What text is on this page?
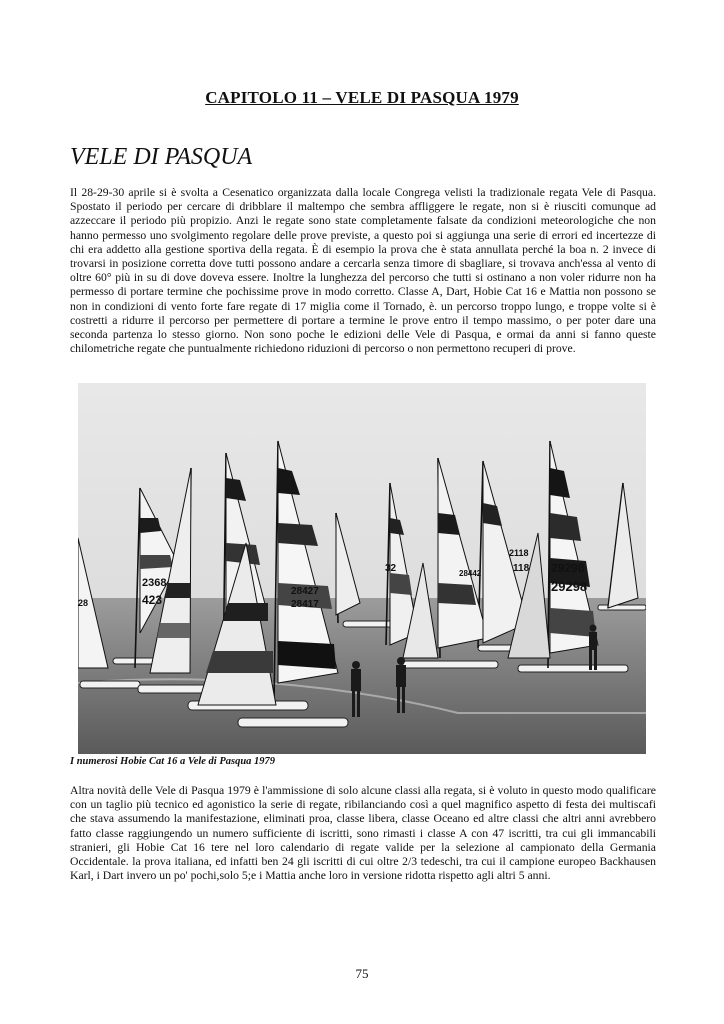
CAPITOLO 11 – VELE DI PASQUA 1979
VELE DI PASQUA

Il 28-29-30 aprile si è svolta a Cesenatico organizzata dalla locale Congrega velisti la tradizionale regata Vele di Pasqua. Spostato il periodo per cercare di dribblare il maltempo che sembra affliggere le regate, non si è riusciti comunque ad azzeccare il periodo più propizio. Anzi le regate sono state completamente falsate da condizioni meteorologiche che non hanno permesso uno svolgimento regolare delle prove previste, a questo poi si aggiunga una serie di errori ed incertezze di chi era addetto alla gestione sportiva della regata. È di esempio la prova che è stata annullata perché la boa n. 2 invece di trovarsi in posizione corretta dove tutti possono andare a cercarla senza timore di sbagliare, si trovava anch'essa al vento di oltre 60° più in su di dove doveva essere. Inoltre la lunghezza del percorso che tutti si ostinano a non voler ridurre non ha permesso di portare termine che pochissime prove in modo corretto. Classe A, Dart, Hobie Cat 16 e Mattia non possono se non in condizioni di vento forte fare regate di 17 miglia come il Tornado, è. un percorso troppo lungo, e troppe volte si è costretti a ridurre il percorso per permettere di portare a termine le prove entro il tempo massimo, o per poter dare una seconda partenza lo stesso giorno. Non sono poche le edizioni delle Vele di Pasqua, e ormai da anni si fanno queste chilometriche regate che puntualmente richiedono riduzioni di percorso o non permettono recuperi di prove.

423
2368
28417
28427	29298
29298
118
28442
2118
32
28
I numerosi Hobie Cat 16 a Vele di Pasqua 1979

Altra novità delle Vele di Pasqua 1979 è l'ammissione di solo alcune classi alla regata, si è voluto in questo modo qualificare con un taglio più tecnico ed agonistico la serie di regate, ribilanciando così a quel magnifico aspetto di festa dei multiscafi che stava assumendo la manifestazione, eliminati proa, classe libera, classe Oceano ed altre classi che altri anni avrebbero fatto classe raggiungendo un numero sufficiente di iscritti, sono rimasti i classe A con 47 iscritti, tra cui gli immancabili stranieri, gli Hobie Cat 16 tere nel loro calendario di regate valide per la selezione al campionato della Germania Occidentale. la prova italiana, ed infatti ben 24 gli iscritti di cui oltre 2/3 tedeschi, tra cui il campione europeo Backhausen Karl, i Dart invero un po' pochi,solo 5;e i Mattia anche loro in versione ridotta rispetto agli altri 5 anni.

75
